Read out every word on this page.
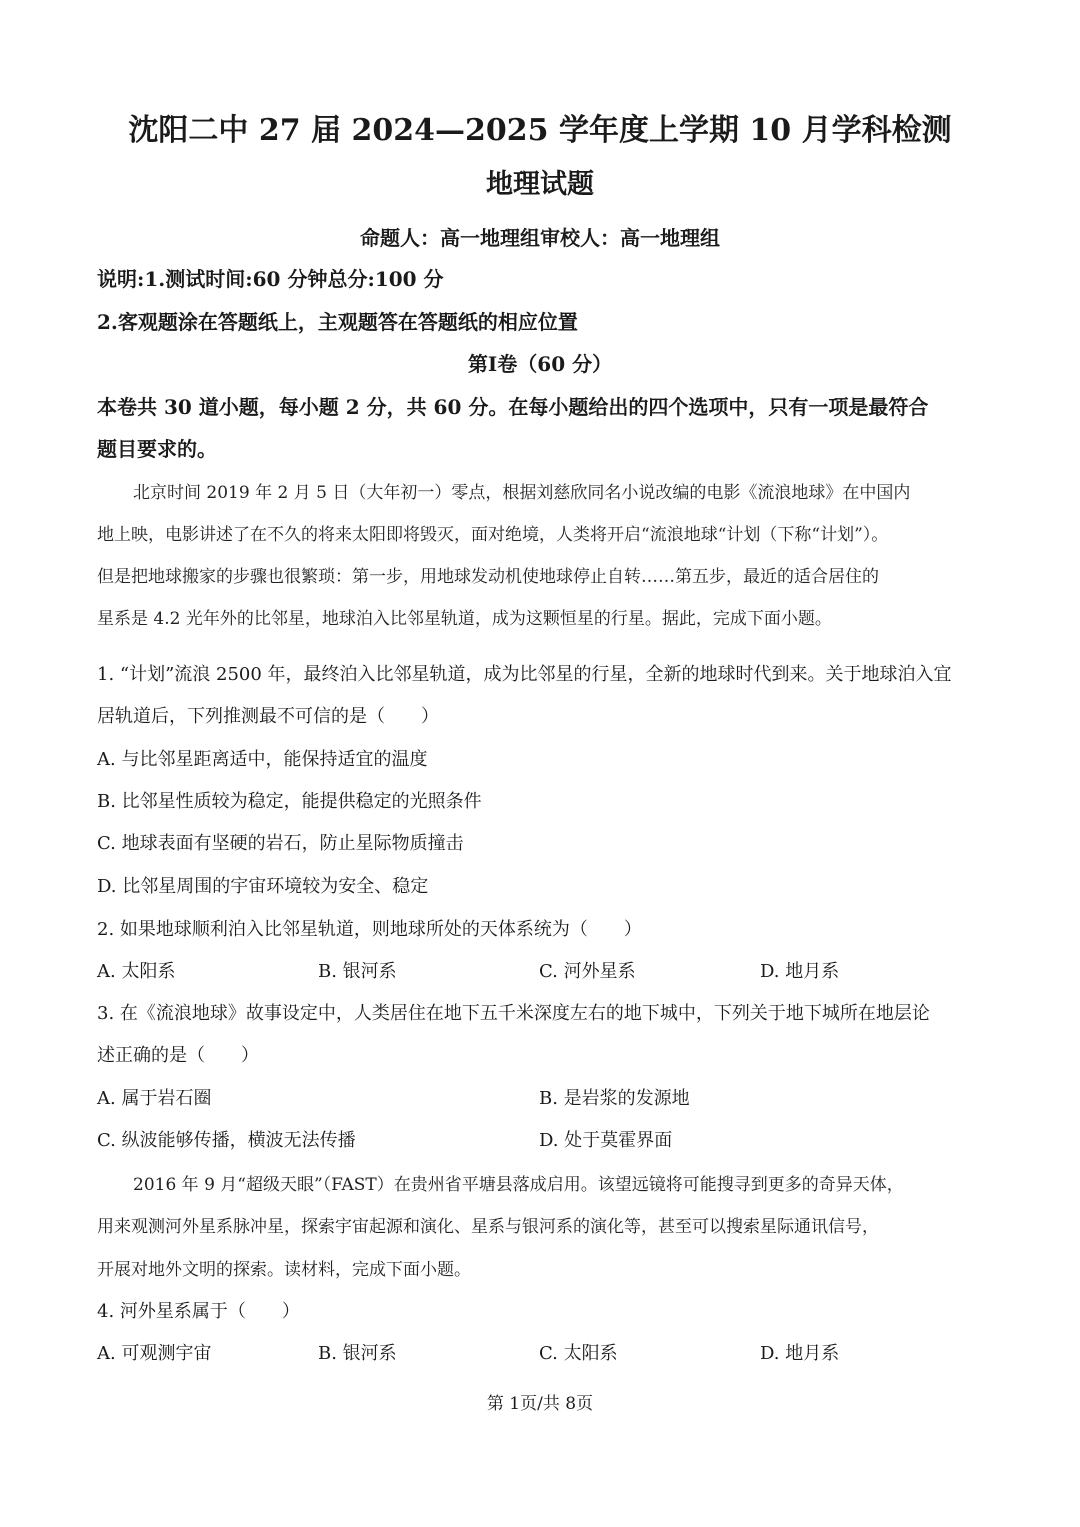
沈阳二中 27 届 2024—2025 学年度上学期 10 月学科检测
地理试题
命题人：高一地理组审校人：高一地理组
说明:1.测试时间:60 分钟总分:100 分
2.客观题涂在答题纸上，主观题答在答题纸的相应位置
第Ⅰ卷（60 分）
本卷共 30 道小题，每小题 2 分，共 60 分。在每小题给出的四个选项中，只有一项是最符合
题目要求的。
北京时间 2019 年 2 月 5 日（大年初一）零点，根据刘慈欣同名小说改编的电影《流浪地球》在中国内
地上映，电影讲述了在不久的将来太阳即将毁灭，面对绝境，人类将开启“流浪地球“计划（下称“计划”）。
但是把地球搬家的步骤也很繁琐：第一步，用地球发动机使地球停止自转……第五步，最近的适合居住的
星系是 4.2 光年外的比邻星，地球泊入比邻星轨道，成为这颗恒星的行星。据此，完成下面小题。
1. “计划”流浪 2500 年，最终泊入比邻星轨道，成为比邻星的行星，全新的地球时代到来。关于地球泊入宜
居轨道后，下列推测最不可信的是（　　）
A. 与比邻星距离适中，能保持适宜的温度
B. 比邻星性质较为稳定，能提供稳定的光照条件
C. 地球表面有坚硬的岩石，防止星际物质撞击
D. 比邻星周围的宇宙环境较为安全、稳定
2. 如果地球顺利泊入比邻星轨道，则地球所处的天体系统为（　　）
A. 太阳系	B. 银河系	C. 河外星系	D. 地月系
3. 在《流浪地球》故事设定中，人类居住在地下五千米深度左右的地下城中，下列关于地下城所在地层论
述正确的是（　　）
A. 属于岩石圈	B. 是岩浆的发源地
C. 纵波能够传播，横波无法传播	D. 处于莫霍界面
2016 年 9 月“超级天眼”（FAST）在贵州省平塘县落成启用。该望远镜将可能搜寻到更多的奇异天体，
用来观测河外星系脉冲星，探索宇宙起源和演化、星系与银河系的演化等，甚至可以搜索星际通讯信号，
开展对地外文明的探索。读材料，完成下面小题。
4. 河外星系属于（　　）
A. 可观测宇宙	B. 银河系	C. 太阳系	D. 地月系
第 1页/共 8页
